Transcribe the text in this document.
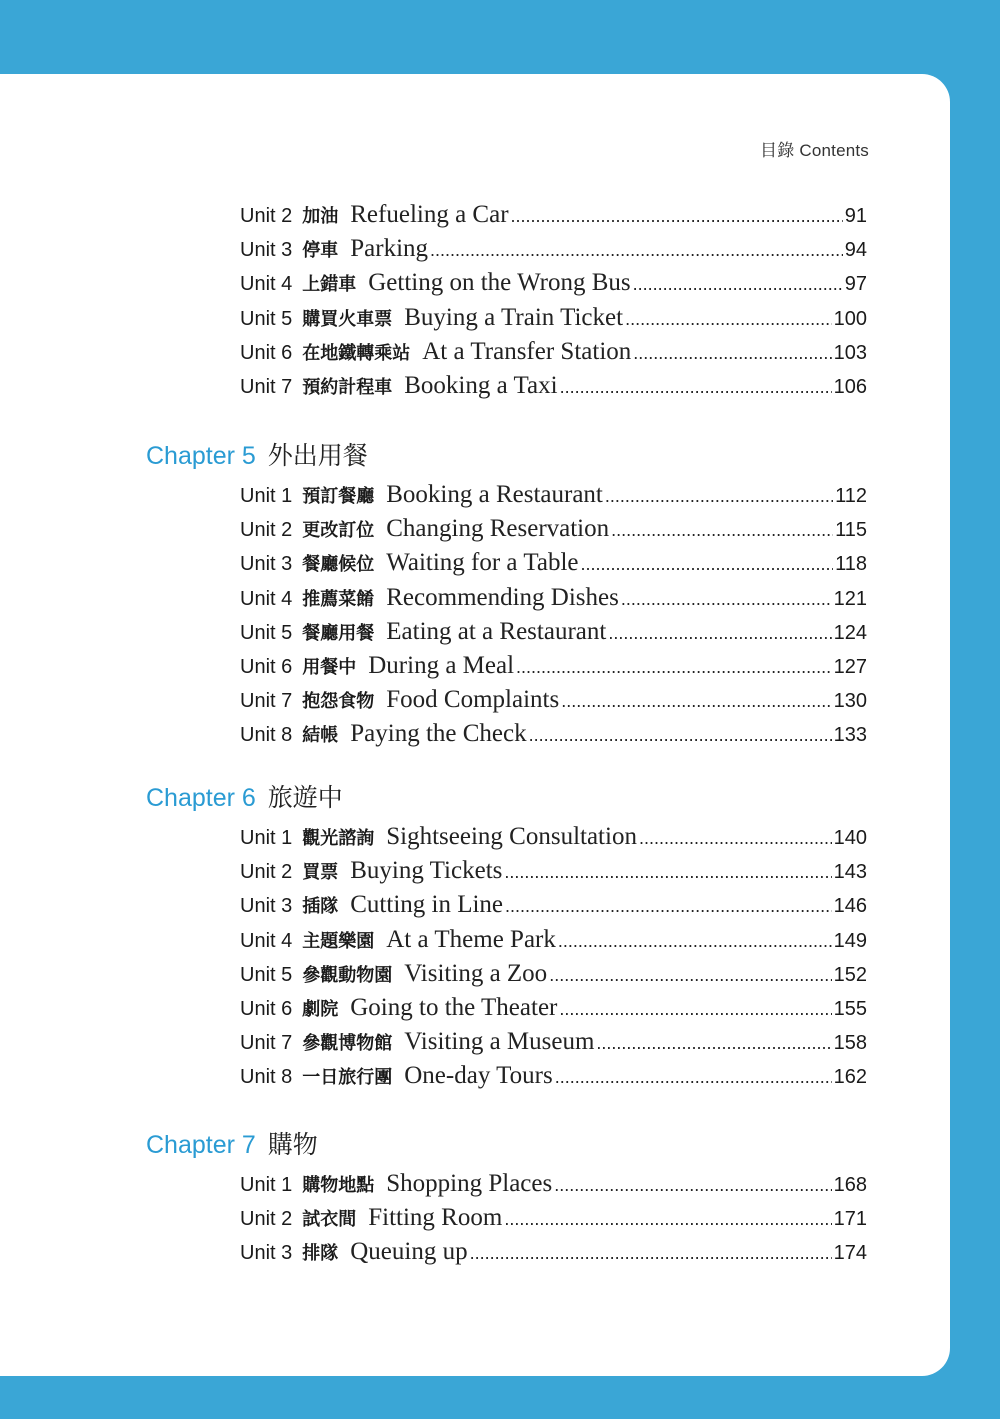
目錄 Contents
Unit 2 加油 Refueling a Car .....	91
Unit 3 停車 Parking .....	94
Unit 4 上錯車 Getting on the Wrong Bus .....	97
Unit 5 購買火車票 Buying a Train Ticket .....	100
Unit 6 在地鐵轉乘站 At a Transfer Station .....	103
Unit 7 預約計程車 Booking a Taxi .....	106
Chapter 5 外出用餐
Unit 1 預訂餐廳 Booking a Restaurant .....	112
Unit 2 更改訂位 Changing Reservation .....	115
Unit 3 餐廳候位 Waiting for a Table .....	118
Unit 4 推薦菜餚 Recommending Dishes .....	121
Unit 5 餐廳用餐 Eating at a Restaurant .....	124
Unit 6 用餐中 During a Meal .....	127
Unit 7 抱怨食物 Food Complaints .....	130
Unit 8 結帳 Paying the Check .....	133
Chapter 6 旅遊中
Unit 1 觀光諮詢 Sightseeing Consultation .....	140
Unit 2 買票 Buying Tickets .....	143
Unit 3 插隊 Cutting in Line .....	146
Unit 4 主題樂園 At a Theme Park .....	149
Unit 5 參觀動物園 Visiting a Zoo .....	152
Unit 6 劇院 Going to the Theater .....	155
Unit 7 參觀博物館 Visiting a Museum .....	158
Unit 8 一日旅行團 One-day Tours .....	162
Chapter 7 購物
Unit 1 購物地點 Shopping Places .....	168
Unit 2 試衣間 Fitting Room .....	171
Unit 3 排隊 Queuing up .....	174
